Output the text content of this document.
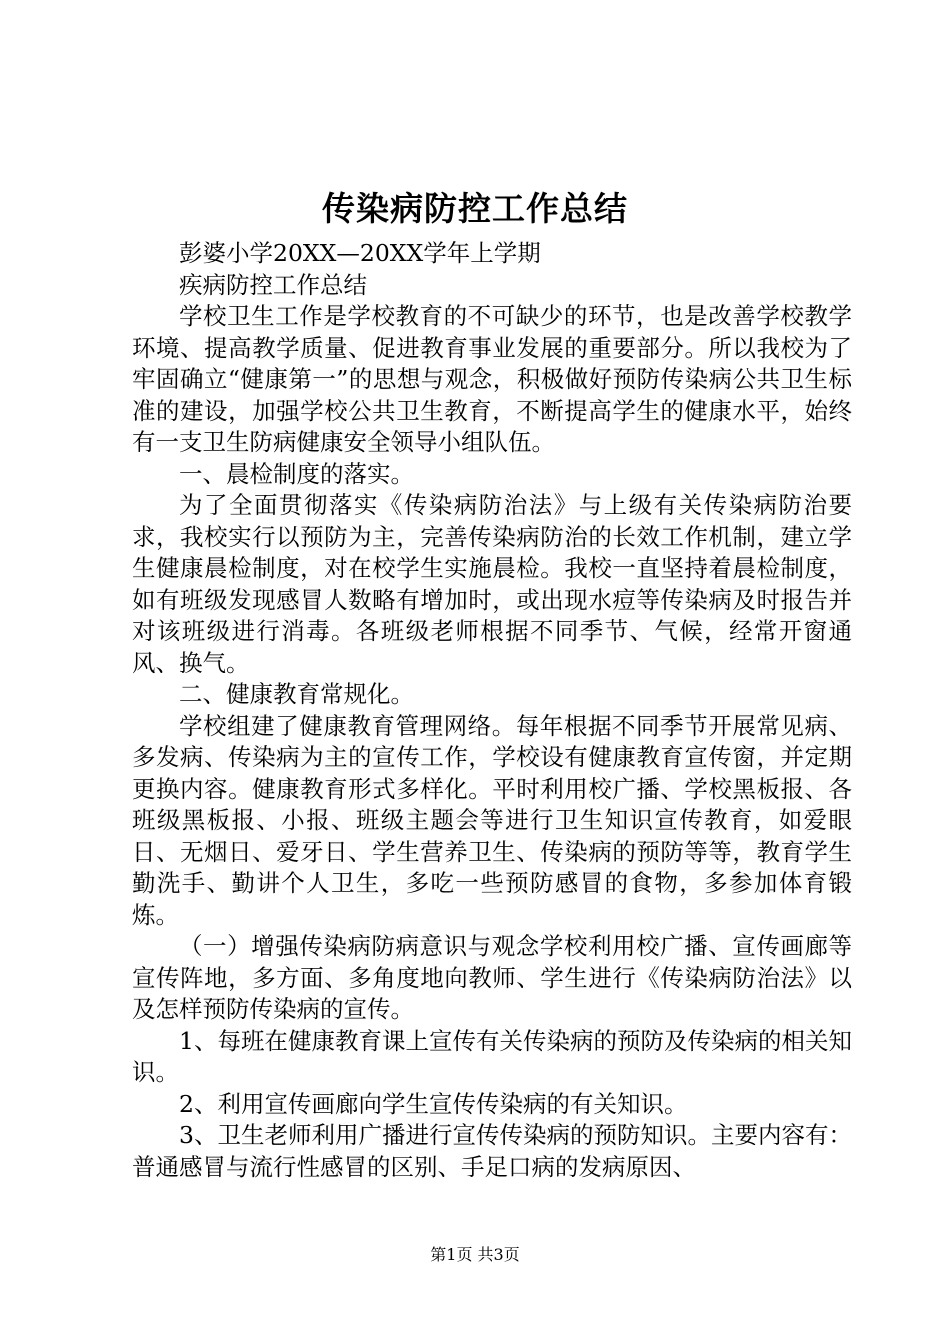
传染病防控工作总结

彭婆小学20XX—20XX学年上学期

疾病防控工作总结

学校卫生工作是学校教育的不可缺少的环节，也是改善学校教学环境、提高教学质量、促进教育事业发展的重要部分。所以我校为了牢固确立“健康第一”的思想与观念，积极做好预防传染病公共卫生标准的建设，加强学校公共卫生教育，不断提高学生的健康水平，始终有一支卫生防病健康安全领导小组队伍。

一、晨检制度的落实。

为了全面贯彻落实《传染病防治法》与上级有关传染病防治要求，我校实行以预防为主，完善传染病防治的长效工作机制，建立学生健康晨检制度，对在校学生实施晨检。我校一直坚持着晨检制度，如有班级发现感冒人数略有增加时，或出现水痘等传染病及时报告并对该班级进行消毒。各班级老师根据不同季节、气候，经常开窗通风、换气。

二、健康教育常规化。

学校组建了健康教育管理网络。每年根据不同季节开展常见病、多发病、传染病为主的宣传工作，学校设有健康教育宣传窗，并定期更换内容。健康教育形式多样化。平时利用校广播、学校黑板报、各班级黑板报、小报、班级主题会等进行卫生知识宣传教育，如爱眼日、无烟日、爱牙日、学生营养卫生、传染病的预防等等，教育学生勤洗手、勤讲个人卫生，多吃一些预防感冒的食物，多参加体育锻炼。

（一）增强传染病防病意识与观念学校利用校广播、宣传画廊等宣传阵地，多方面、多角度地向教师、学生进行《传染病防治法》以及怎样预防传染病的宣传。

1、每班在健康教育课上宣传有关传染病的预防及传染病的相关知识。

2、利用宣传画廊向学生宣传传染病的有关知识。

3、卫生老师利用广播进行宣传传染病的预防知识。主要内容有：普通感冒与流行性感冒的区别、手足口病的发病原因、

第1页 共3页
